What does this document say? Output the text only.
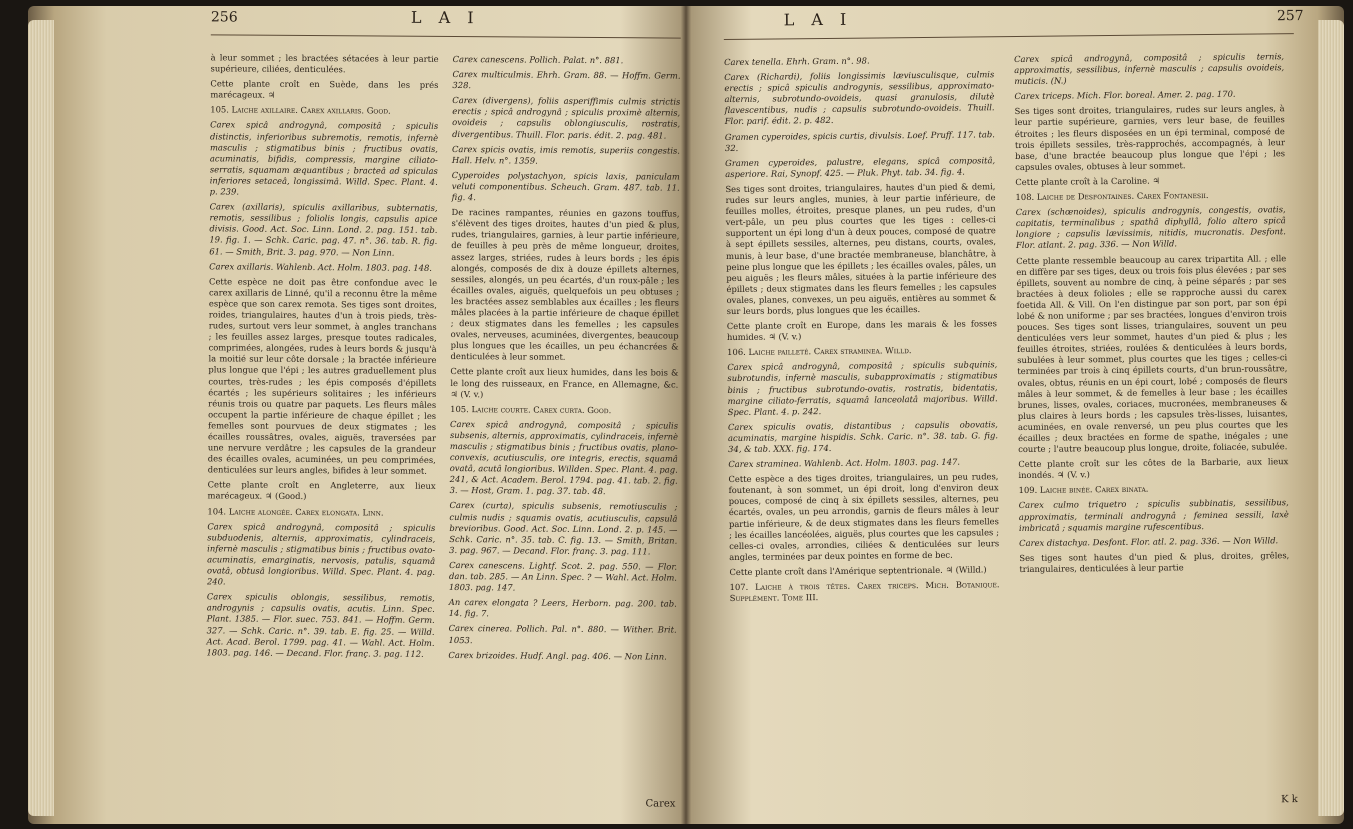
256	L A I

à leur sommet ; les bractées sétacées à leur partie supérieure, ciliées, denticulées.

Cette plante croît en Suède, dans les prés marécageux. ♃

105. Laiche axillaire. Carex axillaris. Good.

Carex spicâ androgynâ, compositâ ; spiculis distinctis, inferioribus subremotis, remotis, infernè masculis ; stigmatibus binis ; fructibus ovatis, acuminatis, bifidis, compressis, margine ciliato-serratis, squamam æquantibus ; bracteâ ad spiculas inferiores setaceâ, longissimâ. Willd. Spec. Plant. 4. p. 239.

Carex (axillaris), spiculis axillaribus, subternatis, remotis, sessilibus ; foliolis longis, capsulis apice divisis. Good. Act. Soc. Linn. Lond. 2. pag. 151. tab. 19. fig. 1. — Schk. Caric. pag. 47. n°. 36. tab. R. fig. 61. — Smith, Brit. 3. pag. 970. — Non Linn.

Carex axillaris. Wahlenb. Act. Holm. 1803. pag. 148.

Cette espèce ne doit pas être confondue avec le carex axillaris de Linné, qu'il a reconnu être la même espèce que son carex remota. Ses tiges sont droites, roides, triangulaires, hautes d'un à trois pieds, très-rudes, surtout vers leur sommet, à angles tranchans ; les feuilles assez larges, presque toutes radicales, comprimées, alongées, rudes à leurs bords & jusqu'à la moitié sur leur côte dorsale ; la bractée inférieure plus longue que l'épi ; les autres graduellement plus courtes, très-rudes ; les épis composés d'épillets écartés ; les supérieurs solitaires ; les inférieurs réunis trois ou quatre par paquets. Les fleurs mâles occupent la partie inférieure de chaque épillet ; les femelles sont pourvues de deux stigmates ; les écailles roussâtres, ovales, aiguës, traversées par une nervure verdâtre ; les capsules de la grandeur des écailles ovales, acuminées, un peu comprimées, denticulées sur leurs angles, bifides à leur sommet.

Cette plante croît en Angleterre, aux lieux marécageux. ♃ (Good.)

104. Laiche alongée. Carex elongata. Linn.

Carex spicâ androgynâ, compositâ ; spiculis subduodenis, alternis, approximatis, cylindraceis, infernè masculis ; stigmatibus binis ; fructibus ovato-acuminatis, emarginatis, nervosis, patulis, squamâ ovatâ, obtusâ longioribus. Willd. Spec. Plant. 4. pag. 240.

Carex spiculis oblongis, sessilibus, remotis, androgynis ; capsulis ovatis, acutis. Linn. Spec. Plant. 1385. — Flor. suec. 753. 841. — Hoffm. Germ. 327. — Schk. Caric. n°. 39. tab. E. fig. 25. — Willd. Act. Acad. Berol. 1799. pag. 41. — Wahl. Act. Holm. 1803. pag. 146. — Decand. Flor. franç. 3. pag. 112.

Carex canescens. Pollich. Palat. n°. 881.

Carex multiculmis. Ehrh. Gram. 88. — Hoffm. Germ. 328.

Carex (divergens), foliis asperiffimis culmis strictis erectis ; spicâ androgynâ ; spiculis proximè alternis, ovoideis ; capsulis oblongiusculis, rostratis, divergentibus. Thuill. Flor. paris. édit. 2. pag. 481.

Carex spicis ovatis, imis remotis, superiis congestis. Hall. Helv. n°. 1359.

Cyperoides polystachyon, spicis laxis, paniculam veluti componentibus. Scheuch. Gram. 487. tab. 11. fig. 4.

De racines rampantes, réunies en gazons touffus, s'élèvent des tiges droites, hautes d'un pied & plus, rudes, triangulaires, garnies, à leur partie inférieure, de feuilles à peu près de même longueur, droites, assez larges, striées, rudes à leurs bords ; les épis alongés, composés de dix à douze épillets alternes, sessiles, alongés, un peu écartés, d'un roux-pâle ; les écailles ovales, aiguës, quelquefois un peu obtuses ; les bractées assez semblables aux écailles ; les fleurs mâles placées à la partie inférieure de chaque épillet ; deux stigmates dans les femelles ; les capsules ovales, nerveuses, acuminées, divergentes, beaucoup plus longues que les écailles, un peu échancrées & denticulées à leur sommet.

Cette plante croît aux lieux humides, dans les bois & le long des ruisseaux, en France, en Allemagne, &c. ♃ (V. v.)

105. Laiche courte. Carex curta. Good.

Carex spicâ androgynâ, compositâ ; spiculis subsenis, alternis, approximatis, cylindraceis, infernè masculis ; stigmatibus binis ; fructibus ovatis, plano-convexis, acutiusculis, ore integris, erectis, squamâ ovatâ, acutâ longioribus. Willden. Spec. Plant. 4. pag. 241, & Act. Academ. Berol. 1794. pag. 41. tab. 2. fig. 3. — Host, Gram. 1. pag. 37. tab. 48.

Carex (curta), spiculis subsenis, remotiusculis ; culmis nudis ; squamis ovatis, acutiusculis, capsulâ brevioribus. Good. Act. Soc. Linn. Lond. 2. p. 145. — Schk. Caric. n°. 35. tab. C. fig. 13. — Smith, Britan. 3. pag. 967. — Decand. Flor. franç. 3. pag. 111.

Carex canescens. Lightf. Scot. 2. pag. 550. — Flor. dan. tab. 285. — An Linn. Spec. ? — Wahl. Act. Holm. 1803. pag. 147.

An carex elongata ? Leers, Herborn. pag. 200. tab. 14. fig. 7.

Carex cinerea. Pollich. Pal. n°. 880. — Wither. Brit. 1053.

Carex brizoides. Hudf. Angl. pag. 406. — Non Linn.

Carex
257
L A I

Carex tenella. Ehrh. Gram. n°. 98.

Carex (Richardi), foliis longissimis læviusculisque, culmis erectis ; spicâ spiculis androgynis, sessilibus, approximato-alternis, subrotundo-ovoideis, quasi granulosis, dilutè flavescentibus, nudis ; capsulis subrotundo-ovoideis. Thuill. Flor. parif. édit. 2. p. 482.

Gramen cyperoides, spicis curtis, divulsis. Loef. Pruff. 117. tab. 32.

Gramen cyperoides, palustre, elegans, spicâ compositâ, asperiore. Rai, Synopf. 425. — Pluk. Phyt. tab. 34. fig. 4.

Ses tiges sont droites, triangulaires, hautes d'un pied & demi, rudes sur leurs angles, munies, à leur partie inférieure, de feuilles molles, étroites, presque planes, un peu rudes, d'un vert-pâle, un peu plus courtes que les tiges : celles-ci supportent un épi long d'un à deux pouces, composé de quatre à sept épillets sessiles, alternes, peu distans, courts, ovales, munis, à leur base, d'une bractée membraneuse, blanchâtre, à peine plus longue que les épillets ; les écailles ovales, pâles, un peu aiguës ; les fleurs mâles, situées à la partie inférieure des épillets ; deux stigmates dans les fleurs femelles ; les capsules ovales, planes, convexes, un peu aiguës, entières au sommet & sur leurs bords, plus longues que les écailles.

Cette plante croît en Europe, dans les marais & les fosses humides. ♃ (V. v.)

106. Laiche pailleté. Carex straminea. Willd.

Carex spicâ androgynâ, compositâ ; spiculis subquinis, subrotundis, infernè masculis, subapproximatis ; stigmatibus binis ; fructibus subrotundo-ovatis, rostratis, bidentatis, margine ciliato-ferratis, squamâ lanceolatâ majoribus. Willd. Spec. Plant. 4. p. 242.

Carex spiculis ovatis, distantibus ; capsulis obovatis, acuminatis, margine hispidis. Schk. Caric. n°. 38. tab. G. fig. 34, & tab. XXX. fig. 174.

Carex straminea. Wahlenb. Act. Holm. 1803. pag. 147.

Cette espèce a des tiges droites, triangulaires, un peu rudes, foutenant, à son sommet, un épi droit, long d'environ deux pouces, composé de cinq à six épillets sessiles, alternes, peu écartés, ovales, un peu arrondis, garnis de fleurs mâles à leur partie inférieure, & de deux stigmates dans les fleurs femelles ; les écailles lancéolées, aiguës, plus courtes que les capsules ; celles-ci ovales, arrondies, ciliées & denticulées sur leurs angles, terminées par deux pointes en forme de bec.

Cette plante croît dans l'Amérique septentrionale. ♃ (Willd.)

107. Laiche à trois têtes. Carex triceps. Mich. Botanique. Supplément. Tome III.

Carex spicâ androgynâ, compositâ ; spiculis ternis, approximatis, sessilibus, infernè masculis ; capsulis ovoideis, muticis. (N.)

Carex triceps. Mich. Flor. boreal. Amer. 2. pag. 170.

Ses tiges sont droites, triangulaires, rudes sur leurs angles, à leur partie supérieure, garnies, vers leur base, de feuilles étroites ; les fleurs disposées en un épi terminal, composé de trois épillets sessiles, très-rapprochés, accompagnés, à leur base, d'une bractée beaucoup plus longue que l'épi ; les capsules ovales, obtuses à leur sommet.

Cette plante croît à la Caroline. ♃

108. Laiche de Desfontaines. Carex Fontanesii.

Carex (schœnoides), spiculis androgynis, congestis, ovatis, capitatis, terminalibus ; spathâ diphyllâ, folio altero spicâ longiore ; capsulis lævissimis, nitidis, mucronatis. Desfont. Flor. atlant. 2. pag. 336. — Non Willd.

Cette plante ressemble beaucoup au carex tripartita All. ; elle en diffère par ses tiges, deux ou trois fois plus élevées ; par ses épillets, souvent au nombre de cinq, à peine séparés ; par ses bractées à deux folioles ; elle se rapproche aussi du carex foetida All. & Vill. On l'en distingue par son port, par son épi lobé & non uniforme ; par ses bractées, longues d'environ trois pouces. Ses tiges sont lisses, triangulaires, souvent un peu denticulées vers leur sommet, hautes d'un pied & plus ; les feuilles étroites, striées, roulées & denticulées à leurs bords, subulées à leur sommet, plus courtes que les tiges ; celles-ci terminées par trois à cinq épillets courts, d'un brun-roussâtre, ovales, obtus, réunis en un épi court, lobé ; composés de fleurs mâles à leur sommet, & de femelles à leur base ; les écailles brunes, lisses, ovales, coriaces, mucronées, membraneuses & plus claires à leurs bords ; les capsules très-lisses, luisantes, acuminées, en ovale renversé, un peu plus courtes que les écailles ; deux bractées en forme de spathe, inégales ; une courte ; l'autre beaucoup plus longue, droite, foliacée, subulée.

Cette plante croît sur les côtes de la Barbarie, aux lieux inondés. ♃ (V. v.)

109. Laiche binée. Carex binata.

Carex culmo triquetro ; spiculis subbinatis, sessilibus, approximatis, terminali androgynâ ; feminea sessili, laxè imbricatâ ; squamis margine rufescentibus.

Carex distachya. Desfont. Flor. atl. 2. pag. 336. — Non Willd.

Ses tiges sont hautes d'un pied & plus, droites, grêles, triangulaires, denticulées à leur partie

K k
